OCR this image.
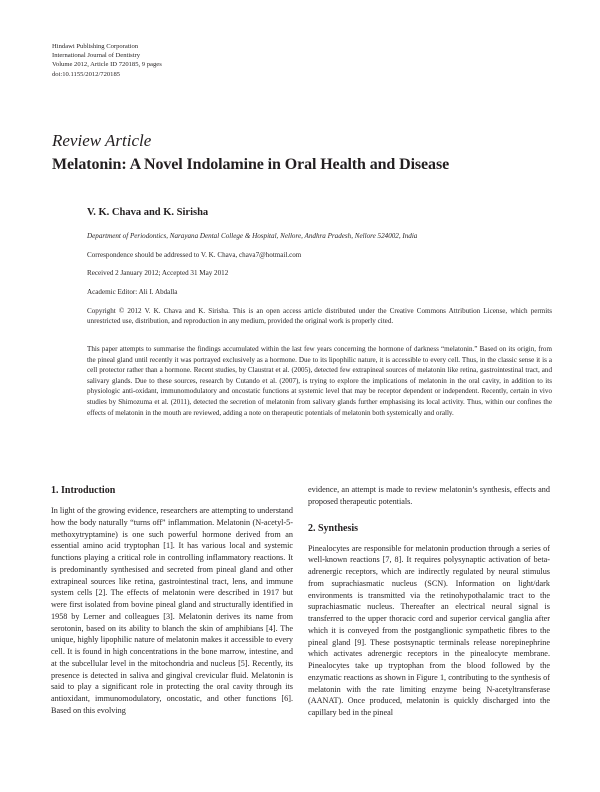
Hindawi Publishing Corporation
International Journal of Dentistry
Volume 2012, Article ID 720185, 9 pages
doi:10.1155/2012/720185
Review Article
Melatonin: A Novel Indolamine in Oral Health and Disease
V. K. Chava and K. Sirisha
Department of Periodontics, Narayana Dental College & Hospital, Nellore, Andhra Pradesh, Nellore 524002, India
Correspondence should be addressed to V. K. Chava, chava7@hotmail.com
Received 2 January 2012; Accepted 31 May 2012
Academic Editor: Ali I. Abdalla
Copyright © 2012 V. K. Chava and K. Sirisha. This is an open access article distributed under the Creative Commons Attribution License, which permits unrestricted use, distribution, and reproduction in any medium, provided the original work is properly cited.
This paper attempts to summarise the findings accumulated within the last few years concerning the hormone of darkness “melatonin.” Based on its origin, from the pineal gland until recently it was portrayed exclusively as a hormone. Due to its lipophilic nature, it is accessible to every cell. Thus, in the classic sense it is a cell protector rather than a hormone. Recent studies, by Claustrat et al. (2005), detected few extrapineal sources of melatonin like retina, gastrointestinal tract, and salivary glands. Due to these sources, research by Cutando et al. (2007), is trying to explore the implications of melatonin in the oral cavity, in addition to its physiologic anti-oxidant, immunomodulatory and oncostatic functions at systemic level that may be receptor dependent or independent. Recently, certain in vivo studies by Shimozuma et al. (2011), detected the secretion of melatonin from salivary glands further emphasising its local activity. Thus, within our confines the effects of melatonin in the mouth are reviewed, adding a note on therapeutic potentials of melatonin both systemically and orally.
1. Introduction

In light of the growing evidence, researchers are attempting to understand how the body naturally “turns off” inflammation. Melatonin (N-acetyl-5-methoxytryptamine) is one such powerful hormone derived from an essential amino acid tryptophan [1]. It has various local and systemic functions playing a critical role in controlling inflammatory reactions. It is predominantly synthesised and secreted from pineal gland and other extrapineal sources like retina, gastrointestinal tract, lens, and immune system cells [2]. The effects of melatonin were described in 1917 but were first isolated from bovine pineal gland and structurally identified in 1958 by Lerner and colleagues [3]. Melatonin derives its name from serotonin, based on its ability to blanch the skin of amphibians [4]. The unique, highly lipophilic nature of melatonin makes it accessible to every cell. It is found in high concentrations in the bone marrow, intestine, and at the subcellular level in the mitochondria and nucleus [5]. Recently, its presence is detected in saliva and gingival crevicular fluid. Melatonin is said to play a significant role in protecting the oral cavity through its antioxidant, immunomodulatory, oncostatic, and other functions [6]. Based on this evolving

evidence, an attempt is made to review melatonin’s synthesis, effects and proposed therapeutic potentials.

2. Synthesis

Pinealocytes are responsible for melatonin production through a series of well-known reactions [7, 8]. It requires polysynaptic activation of beta-adrenergic receptors, which are indirectly regulated by neural stimulus from suprachiasmatic nucleus (SCN). Information on light/dark environments is transmitted via the retinohypothalamic tract to the suprachiasmatic nucleus. Thereafter an electrical neural signal is transferred to the upper thoracic cord and superior cervical ganglia after which it is conveyed from the postganglionic sympathetic fibres to the pineal gland [9]. These postsynaptic terminals release norepinephrine which activates adrenergic receptors in the pinealocyte membrane. Pinealocytes take up tryptophan from the blood followed by the enzymatic reactions as shown in Figure 1, contributing to the synthesis of melatonin with the rate limiting enzyme being N-acetyltransferase (AANAT). Once produced, melatonin is quickly discharged into the capillary bed in the pineal
